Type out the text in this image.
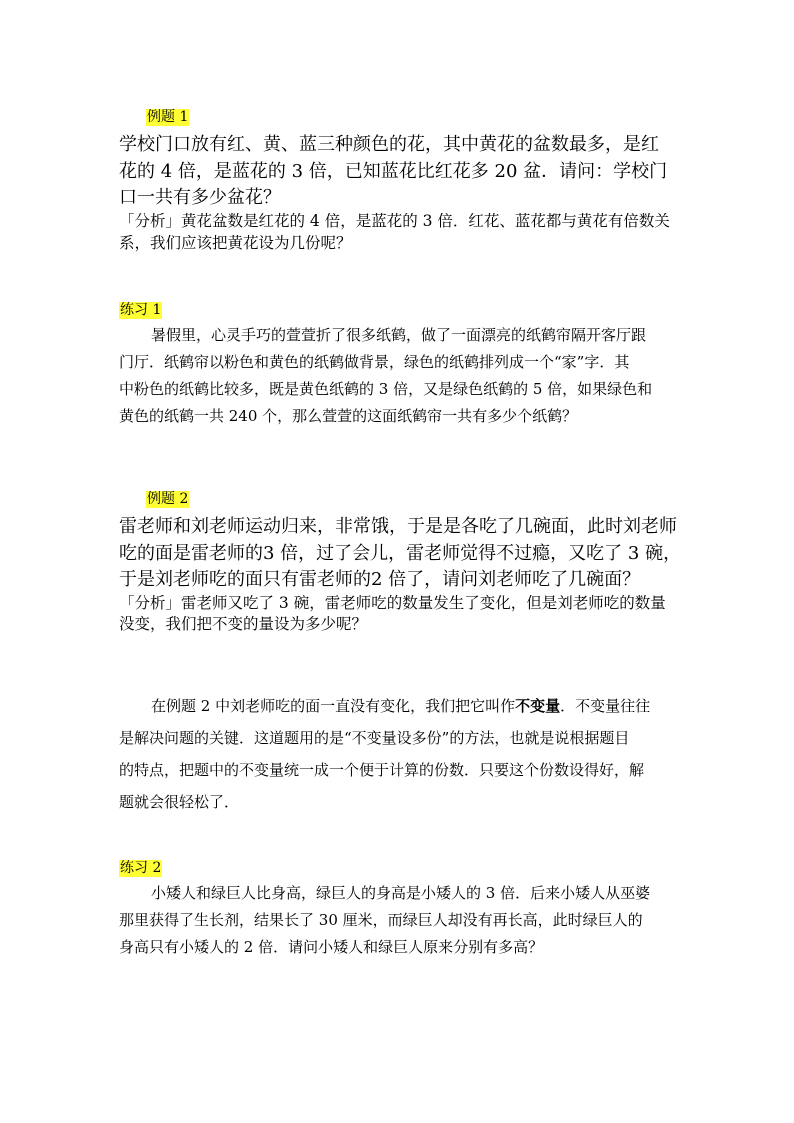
例题 1
学校门口放有红、黄、蓝三种颜色的花，其中黄花的盆数最多，是红
花的 4 倍，是蓝花的 3 倍，已知蓝花比红花多 20 盆．请问：学校门
口一共有多少盆花？
「分析」黄花盆数是红花的 4 倍，是蓝花的 3 倍．红花、蓝花都与黄花有倍数关
系，我们应该把黄花设为几份呢？
练习 1
暑假里，心灵手巧的萱萱折了很多纸鹤，做了一面漂亮的纸鹤帘隔开客厅跟
门厅．纸鹤帘以粉色和黄色的纸鹤做背景，绿色的纸鹤排列成一个“家”字．其
中粉色的纸鹤比较多，既是黄色纸鹤的 3 倍，又是绿色纸鹤的 5 倍，如果绿色和
黄色的纸鹤一共 240 个，那么萱萱的这面纸鹤帘一共有多少个纸鹤？
例题 2
雷老师和刘老师运动归来，非常饿，于是是各吃了几碗面，此时刘老师
吃的面是雷老师的3 倍，过了会儿，雷老师觉得不过瘾，又吃了 3 碗，
于是刘老师吃的面只有雷老师的2 倍了，请问刘老师吃了几碗面？
「分析」雷老师又吃了 3 碗，雷老师吃的数量发生了变化，但是刘老师吃的数量
没变，我们把不变的量设为多少呢？
在例题 2 中刘老师吃的面一直没有变化，我们把它叫作不变量．不变量往往
是解决问题的关键．这道题用的是“不变量设多份”的方法，也就是说根据题目
的特点，把题中的不变量统一成一个便于计算的份数．只要这个份数设得好，解
题就会很轻松了．
练习 2
小矮人和绿巨人比身高，绿巨人的身高是小矮人的 3 倍．后来小矮人从巫婆
那里获得了生长剂，结果长了 30 厘米，而绿巨人却没有再长高，此时绿巨人的
身高只有小矮人的 2 倍．请问小矮人和绿巨人原来分别有多高？
